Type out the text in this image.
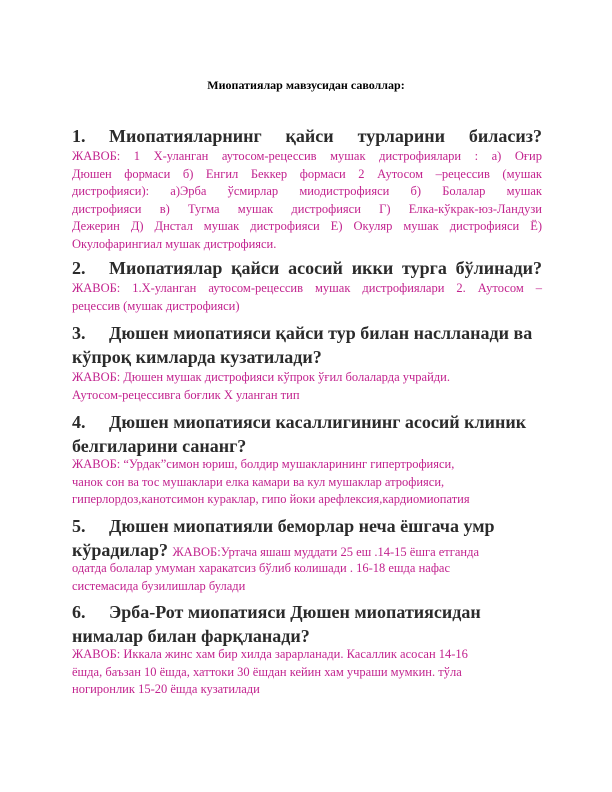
Миопатиялар мавзусидан саволлар:
1. Миопатияларнинг қайси турларини биласиз?
ЖАВОБ: 1 X-уланган аутосом-рецессив мушак дистрофиялари : а) Оғир
Дюшен формаси б) Енгил Беккер формаси 2 Аутосом –рецессив (мушак
дистрофияси): а)Эрба ўсмирлар миодистрофияси б) Болалар мушак
дистрофияси в) Тугма мушак дистрофияси Г) Елка-кўкрак-юз-Ландузи
Дежерин Д) Днстал мушак дистрофияси Е) Окуляр мушак дистрофияси Ё)
Окулофарингиал мушак дистрофияси.
2. Миопатиялар қайси асосий икки турга бўлинади?
ЖАВОБ: 1.X-уланган аутосом-рецессив мушак дистрофиялари 2. Аутосом –
рецессив (мушак дистрофияси)
3. Дюшен миопатияси қайси тур билан наслланади ва
кўпроқ кимларда кузатилади?
ЖАВОБ: Дюшен мушак дистрофияси кўпрок ўғил болаларда учрайди.
Аутосом-рецессивга боғлик X уланган тип
4. Дюшен миопатияси касаллигининг асосий клиник
белгиларини сананг?
ЖАВОБ: “Урдак”симон юриш, болдир мушакларининг гипертрофияси,
чанок сон ва тос мушаклари елка камари ва кул мушаклар атрофияси,
гиперлордоз,канотсимон кураклар, гипо йоки арефлексия,кардиомиопатия
5. Дюшен миопатияли беморлар неча ёшгача умр
кўрадилар? ЖАВОБ:Уртача яшаш муддати 25 еш .14-15 ёшга етганда
одатда болалар умуман харакатсиз бўлиб колишади . 16-18 ешда нафас
системасида бузилишлар булади
6. Эрба-Рот миопатияси Дюшен миопатиясидан
нималар билан фарқланади?
ЖАВОБ: Иккала жинс хам бир хилда зарарланади. Касаллик асосан 14-16
ёшда, баъзан 10 ёшда, хаттоки 30 ёшдан кейин хам учраши мумкин. тўла
ногиронлик 15-20 ёшда кузатилади
